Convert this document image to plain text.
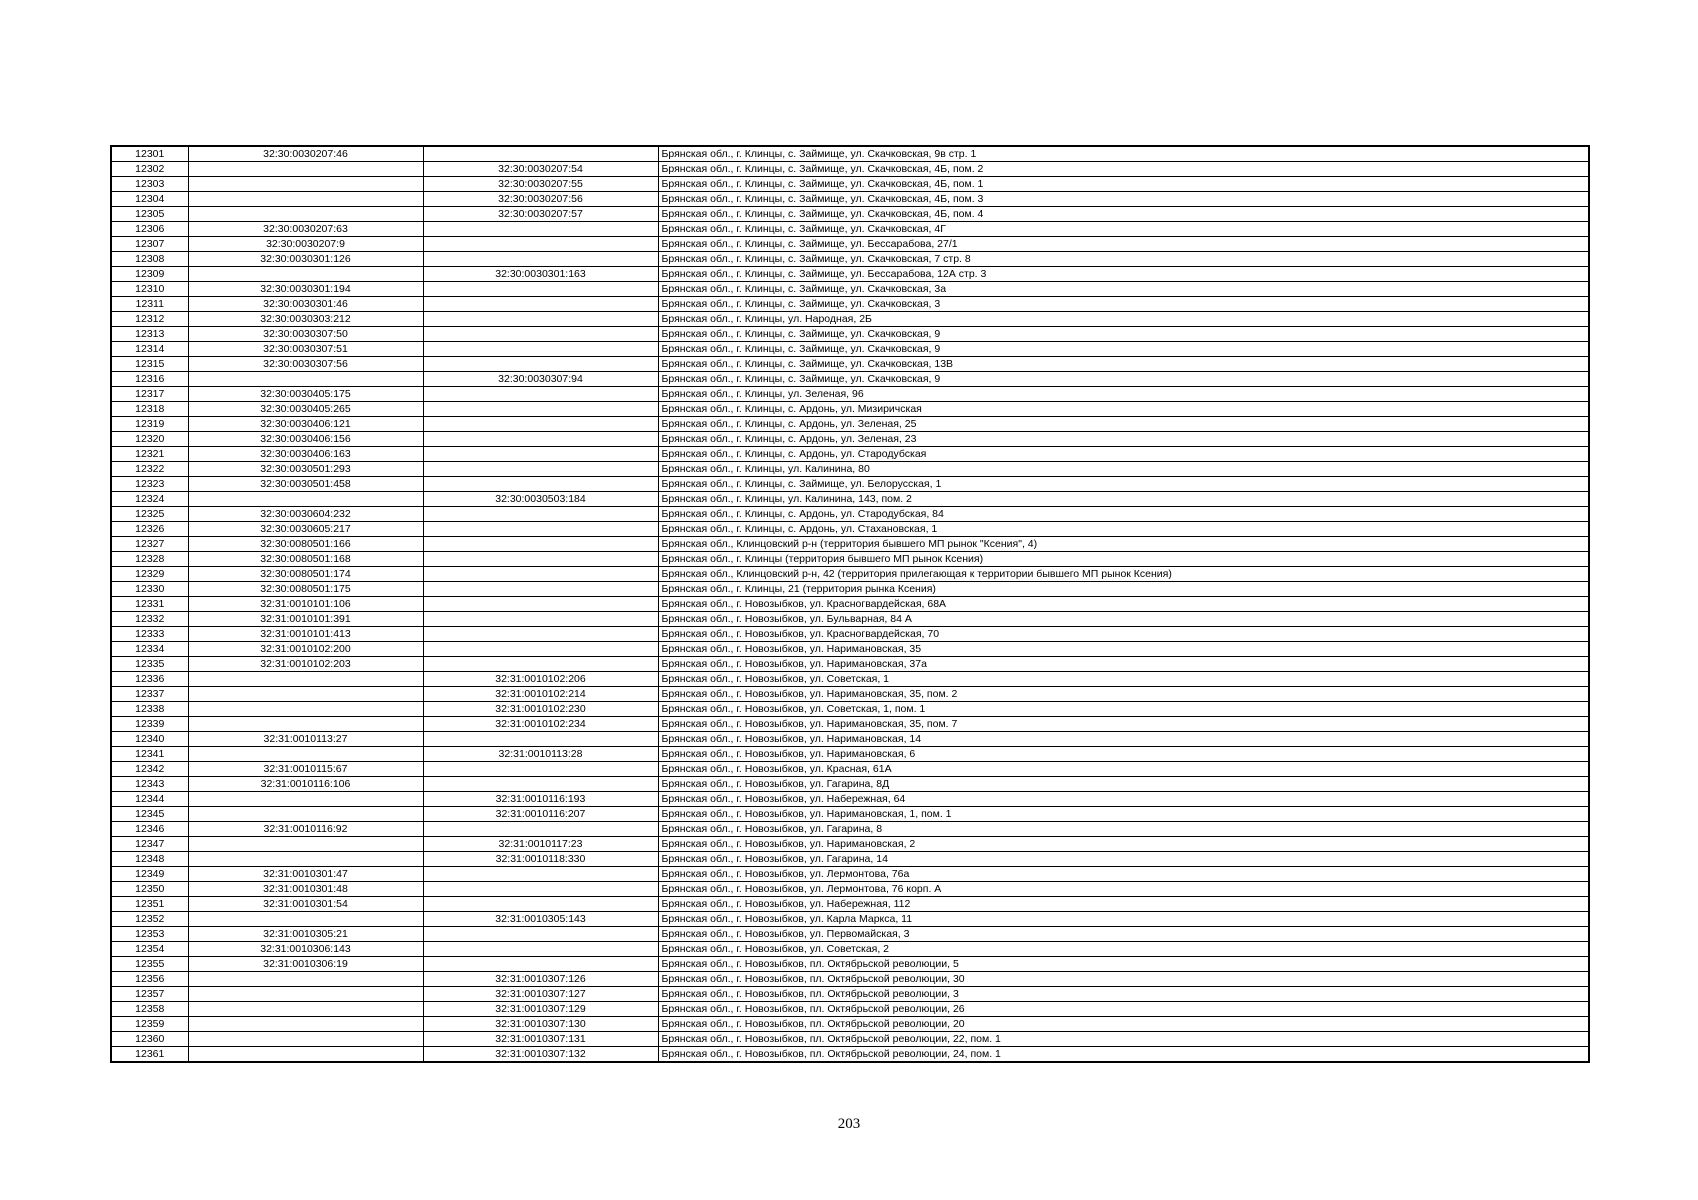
12301	32:30:0030207:46		Брянская обл., г. Клинцы, с. Займище, ул. Скачковская, 9в стр. 1
12302		32:30:0030207:54	Брянская обл., г. Клинцы, с. Займище, ул. Скачковская, 4Б, пом. 2
12303		32:30:0030207:55	Брянская обл., г. Клинцы, с. Займище, ул. Скачковская, 4Б, пом. 1
12304		32:30:0030207:56	Брянская обл., г. Клинцы, с. Займище, ул. Скачковская, 4Б, пом. 3
12305		32:30:0030207:57	Брянская обл., г. Клинцы, с. Займище, ул. Скачковская, 4Б, пом. 4
12306	32:30:0030207:63		Брянская обл., г. Клинцы, с. Займище, ул. Скачковская, 4Г
12307	32:30:0030207:9		Брянская обл., г. Клинцы, с. Займище, ул. Бессарабова, 27/1
12308	32:30:0030301:126		Брянская обл., г. Клинцы, с. Займище, ул. Скачковская, 7 стр. 8
12309		32:30:0030301:163	Брянская обл., г. Клинцы, с. Займище, ул. Бессарабова, 12А стр. 3
12310	32:30:0030301:194		Брянская обл., г. Клинцы, с. Займище, ул. Скачковская, 3а
12311	32:30:0030301:46		Брянская обл., г. Клинцы, с. Займище, ул. Скачковская, 3
12312	32:30:0030303:212		Брянская обл., г. Клинцы, ул. Народная, 2Б
12313	32:30:0030307:50		Брянская обл., г. Клинцы, с. Займище, ул. Скачковская, 9
12314	32:30:0030307:51		Брянская обл., г. Клинцы, с. Займище, ул. Скачковская, 9
12315	32:30:0030307:56		Брянская обл., г. Клинцы, с. Займище, ул. Скачковская, 13В
12316		32:30:0030307:94	Брянская обл., г. Клинцы, с. Займище, ул. Скачковская, 9
12317	32:30:0030405:175		Брянская обл., г. Клинцы, ул. Зеленая, 96
12318	32:30:0030405:265		Брянская обл., г. Клинцы, с. Ардонь, ул. Мизиричская
12319	32:30:0030406:121		Брянская обл., г. Клинцы, с. Ардонь, ул. Зеленая, 25
12320	32:30:0030406:156		Брянская обл., г. Клинцы, с. Ардонь, ул. Зеленая, 23
12321	32:30:0030406:163		Брянская обл., г. Клинцы, с. Ардонь, ул. Стародубская
12322	32:30:0030501:293		Брянская обл., г. Клинцы, ул. Калинина, 80
12323	32:30:0030501:458		Брянская обл., г. Клинцы, с. Займище, ул. Белорусская, 1
12324		32:30:0030503:184	Брянская обл., г. Клинцы, ул. Калинина, 143, пом. 2
12325	32:30:0030604:232		Брянская обл., г. Клинцы, с. Ардонь, ул. Стародубская, 84
12326	32:30:0030605:217		Брянская обл., г. Клинцы, с. Ардонь, ул. Стахановская, 1
12327	32:30:0080501:166		Брянская обл., Клинцовский р-н (территория бывшего МП рынок "Ксения", 4)
12328	32:30:0080501:168		Брянская обл., г. Клинцы (территория бывшего МП рынок Ксения)
12329	32:30:0080501:174		Брянская обл., Клинцовский р-н, 42 (территория прилегающая к территории бывшего МП рынок Ксения)
12330	32:30:0080501:175		Брянская обл., г. Клинцы, 21 (территория рынка Ксения)
12331	32:31:0010101:106		Брянская обл., г. Новозыбков, ул. Красногвардейская, 68А
12332	32:31:0010101:391		Брянская обл., г. Новозыбков, ул. Бульварная, 84 А
12333	32:31:0010101:413		Брянская обл., г. Новозыбков, ул. Красногвардейская, 70
12334	32:31:0010102:200		Брянская обл., г. Новозыбков, ул. Наримановская, 35
12335	32:31:0010102:203		Брянская обл., г. Новозыбков, ул. Наримановская, 37а
12336		32:31:0010102:206	Брянская обл., г. Новозыбков, ул. Советская, 1
12337		32:31:0010102:214	Брянская обл., г. Новозыбков, ул. Наримановская, 35, пом. 2
12338		32:31:0010102:230	Брянская обл., г. Новозыбков, ул. Советская, 1, пом. 1
12339		32:31:0010102:234	Брянская обл., г. Новозыбков, ул. Наримановская, 35, пом. 7
12340	32:31:0010113:27		Брянская обл., г. Новозыбков, ул. Наримановская, 14
12341		32:31:0010113:28	Брянская обл., г. Новозыбков, ул. Наримановская, 6
12342	32:31:0010115:67		Брянская обл., г. Новозыбков, ул. Красная, 61А
12343	32:31:0010116:106		Брянская обл., г. Новозыбков, ул. Гагарина, 8Д
12344		32:31:0010116:193	Брянская обл., г. Новозыбков, ул. Набережная, 64
12345		32:31:0010116:207	Брянская обл., г. Новозыбков, ул. Наримановская, 1, пом. 1
12346	32:31:0010116:92		Брянская обл., г. Новозыбков, ул. Гагарина, 8
12347		32:31:0010117:23	Брянская обл., г. Новозыбков, ул. Наримановская, 2
12348		32:31:0010118:330	Брянская обл., г. Новозыбков, ул. Гагарина, 14
12349	32:31:0010301:47		Брянская обл., г. Новозыбков, ул. Лермонтова, 76а
12350	32:31:0010301:48		Брянская обл., г. Новозыбков, ул. Лермонтова, 76 корп. А
12351	32:31:0010301:54		Брянская обл., г. Новозыбков, ул. Набережная, 112
12352		32:31:0010305:143	Брянская обл., г. Новозыбков, ул. Карла Маркса, 11
12353	32:31:0010305:21		Брянская обл., г. Новозыбков, ул. Первомайская, 3
12354	32:31:0010306:143		Брянская обл., г. Новозыбков, ул. Советская, 2
12355	32:31:0010306:19		Брянская обл., г. Новозыбков, пл. Октябрьской революции, 5
12356		32:31:0010307:126	Брянская обл., г. Новозыбков, пл. Октябрьской революции, 30
12357		32:31:0010307:127	Брянская обл., г. Новозыбков, пл. Октябрьской революции, 3
12358		32:31:0010307:129	Брянская обл., г. Новозыбков, пл. Октябрьской революции, 26
12359		32:31:0010307:130	Брянская обл., г. Новозыбков, пл. Октябрьской революции, 20
12360		32:31:0010307:131	Брянская обл., г. Новозыбков, пл. Октябрьской революции, 22, пом. 1
12361		32:31:0010307:132	Брянская обл., г. Новозыбков, пл. Октябрьской революции, 24, пом. 1
203
